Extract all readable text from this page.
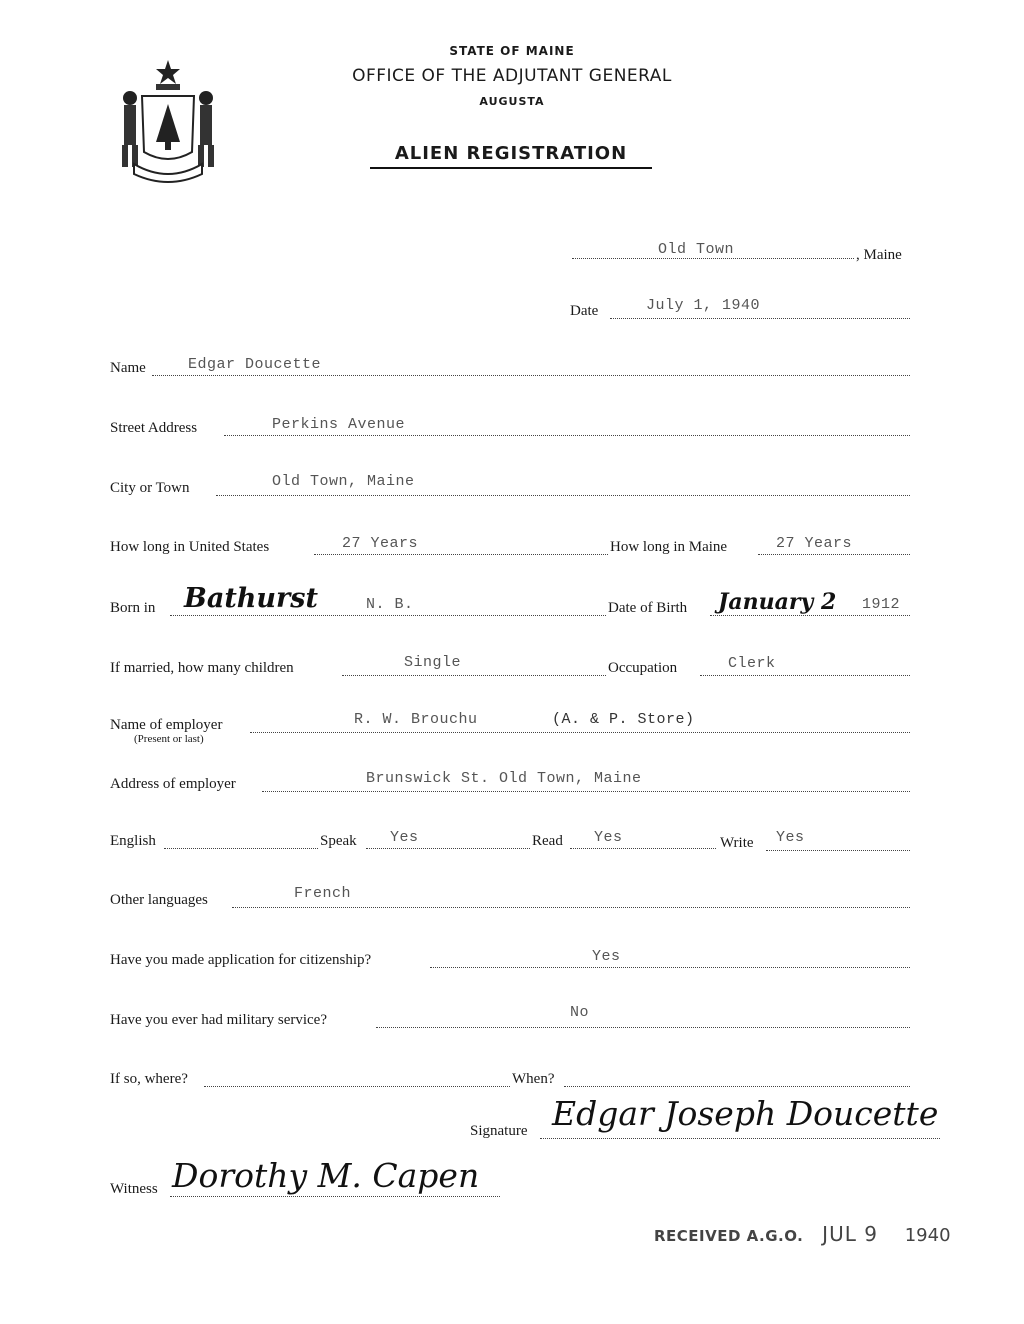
STATE OF MAINE
OFFICE OF THE ADJUTANT GENERAL
AUGUSTA
ALIEN REGISTRATION
Old Town	, Maine
Date	July 1, 1940
Name	Edgar Doucette
Street Address	Perkins Avenue
City or Town	Old Town, Maine
How long in United States	27 Years	How long in Maine	27 Years
Born in Bathurst	N. B.	Date of Birth January 2 1912
If married, how many children	Single	Occupation	Clerk
Name of employer
(Present or last)
R. W. Brouchu	(A. & P. Store)
Address of employer	Brunswick St. Old Town, Maine
English	Speak Yes	Read Yes	Write Yes
Other languages	French
Have you made application for citizenship?	Yes
Have you ever had military service?	No
If so, where?	When?
Signature Edgar Joseph Doucette
Witness Dorothy M. Capen
RECEIVED A.G.O. JUL 9 1940
